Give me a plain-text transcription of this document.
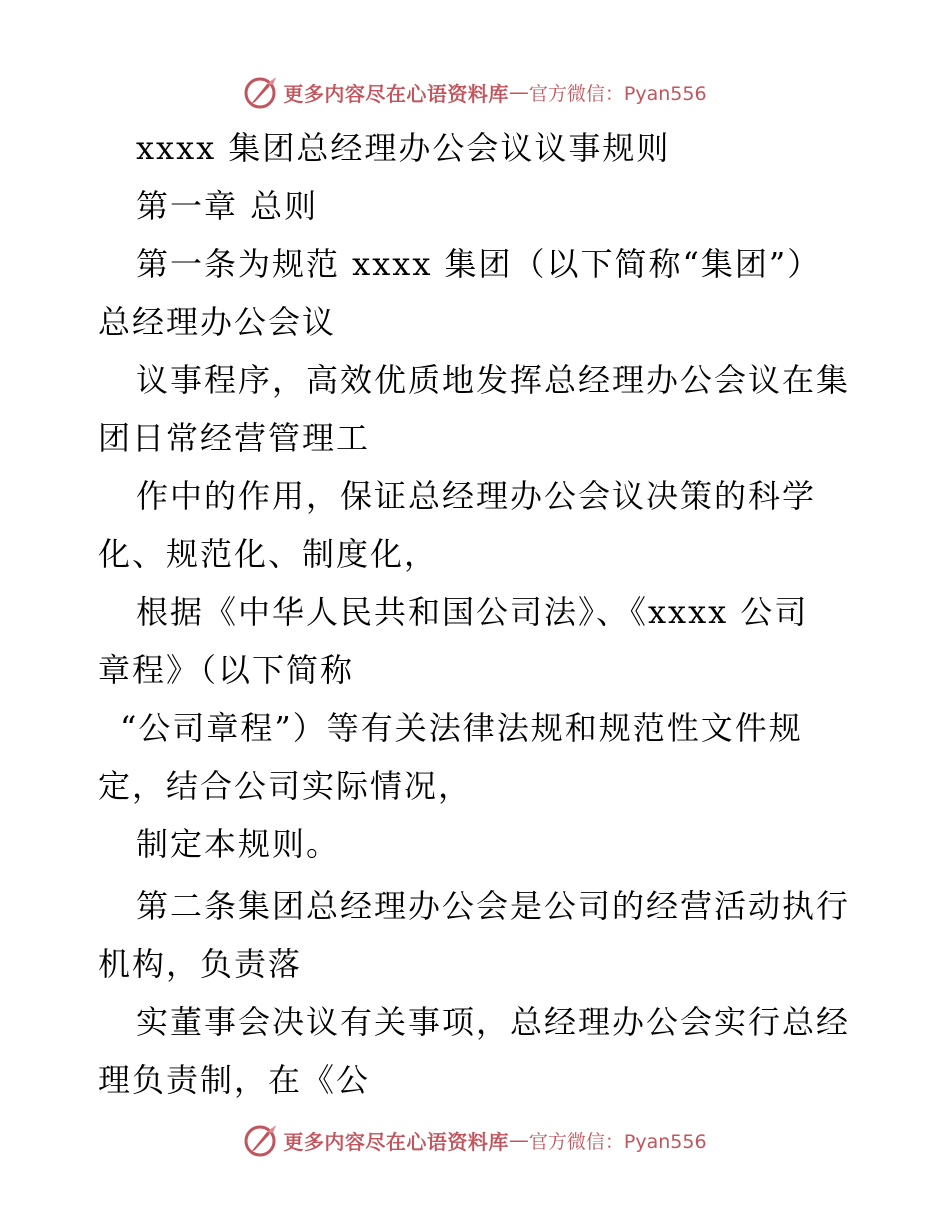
更多内容尽在心语资料库 — 官方微信：Pyan556
xxxx 集团总经理办公会议议事规则
第一章 总则
第一条为规范 xxxx 集团（以下简称“集团”）
总经理办公会议
议事程序，高效优质地发挥总经理办公会议在集
团日常经营管理工
作中的作用，保证总经理办公会议决策的科学
化、规范化、制度化，
根据《中华人民共和国公司法》、《xxxx 公司
章程》（以下简称
“公司章程”）等有关法律法规和规范性文件规
定，结合公司实际情况，
制定本规则。
第二条集团总经理办公会是公司的经营活动执行
机构，负责落
实董事会决议有关事项，总经理办公会实行总经
理负责制，在《公
更多内容尽在心语资料库 — 官方微信：Pyan556
